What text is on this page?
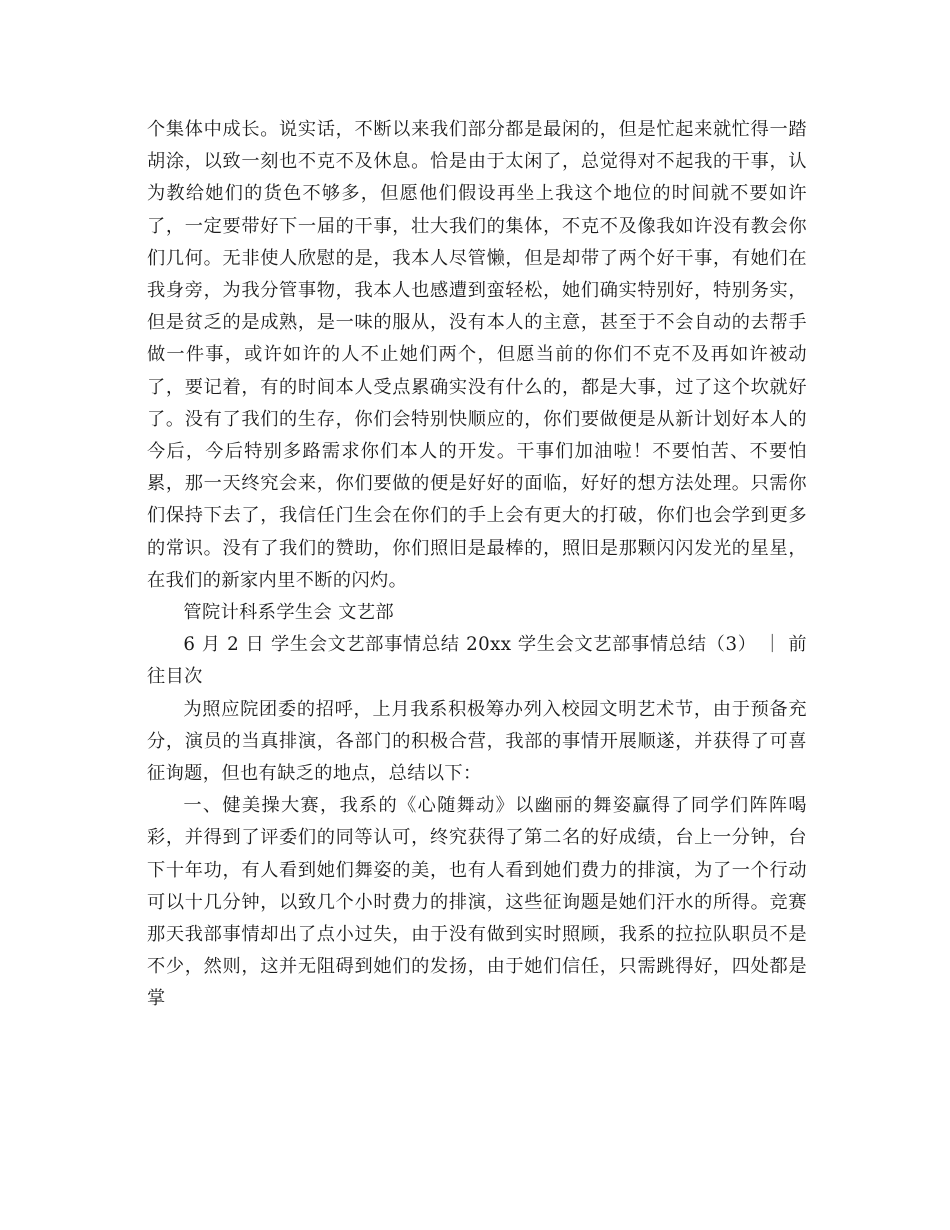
个集体中成长。说实话，不断以来我们部分都是最闲的，但是忙起来就忙得一踏胡涂，以致一刻也不克不及休息。恰是由于太闲了，总觉得对不起我的干事，认为教给她们的货色不够多，但愿他们假设再坐上我这个地位的时间就不要如许了，一定要带好下一届的干事，壮大我们的集体，不克不及像我如许没有教会你们几何。无非使人欣慰的是，我本人尽管懒，但是却带了两个好干事，有她们在我身旁，为我分管事物，我本人也感遭到蛮轻松，她们确实特别好，特别务实，但是贫乏的是成熟，是一味的服从，没有本人的主意，甚至于不会自动的去帮手做一件事，或许如许的人不止她们两个，但愿当前的你们不克不及再如许被动了，要记着，有的时间本人受点累确实没有什么的，都是大事，过了这个坎就好了。没有了我们的生存，你们会特别快顺应的，你们要做便是从新计划好本人的今后，今后特别多路需求你们本人的开发。干事们加油啦！不要怕苦、不要怕累，那一天终究会来，你们要做的便是好好的面临，好好的想方法处理。只需你们保持下去了，我信任门生会在你们的手上会有更大的打破，你们也会学到更多的常识。没有了我们的赞助，你们照旧是最棒的，照旧是那颗闪闪发光的星星，在我们的新家内里不断的闪灼。

管院计科系学生会 文艺部

6 月 2 日 学生会文艺部事情总结 20xx 学生会文艺部事情总结（3） ｜ 前往目次

为照应院团委的招呼，上月我系积极筹办列入校园文明艺术节，由于预备充分，演员的当真排演，各部门的积极合营，我部的事情开展顺遂，并获得了可喜征询题，但也有缺乏的地点，总结以下：

一、健美操大赛，我系的《心随舞动》以幽丽的舞姿赢得了同学们阵阵喝彩，并得到了评委们的同等认可，终究获得了第二名的好成绩，台上一分钟，台下十年功，有人看到她们舞姿的美，也有人看到她们费力的排演，为了一个行动可以十几分钟，以致几个小时费力的排演，这些征询题是她们汗水的所得。竞赛那天我部事情却出了点小过失，由于没有做到实时照顾，我系的拉拉队职员不是不少，然则，这并无阻碍到她们的发扬，由于她们信任，只需跳得好，四处都是掌
